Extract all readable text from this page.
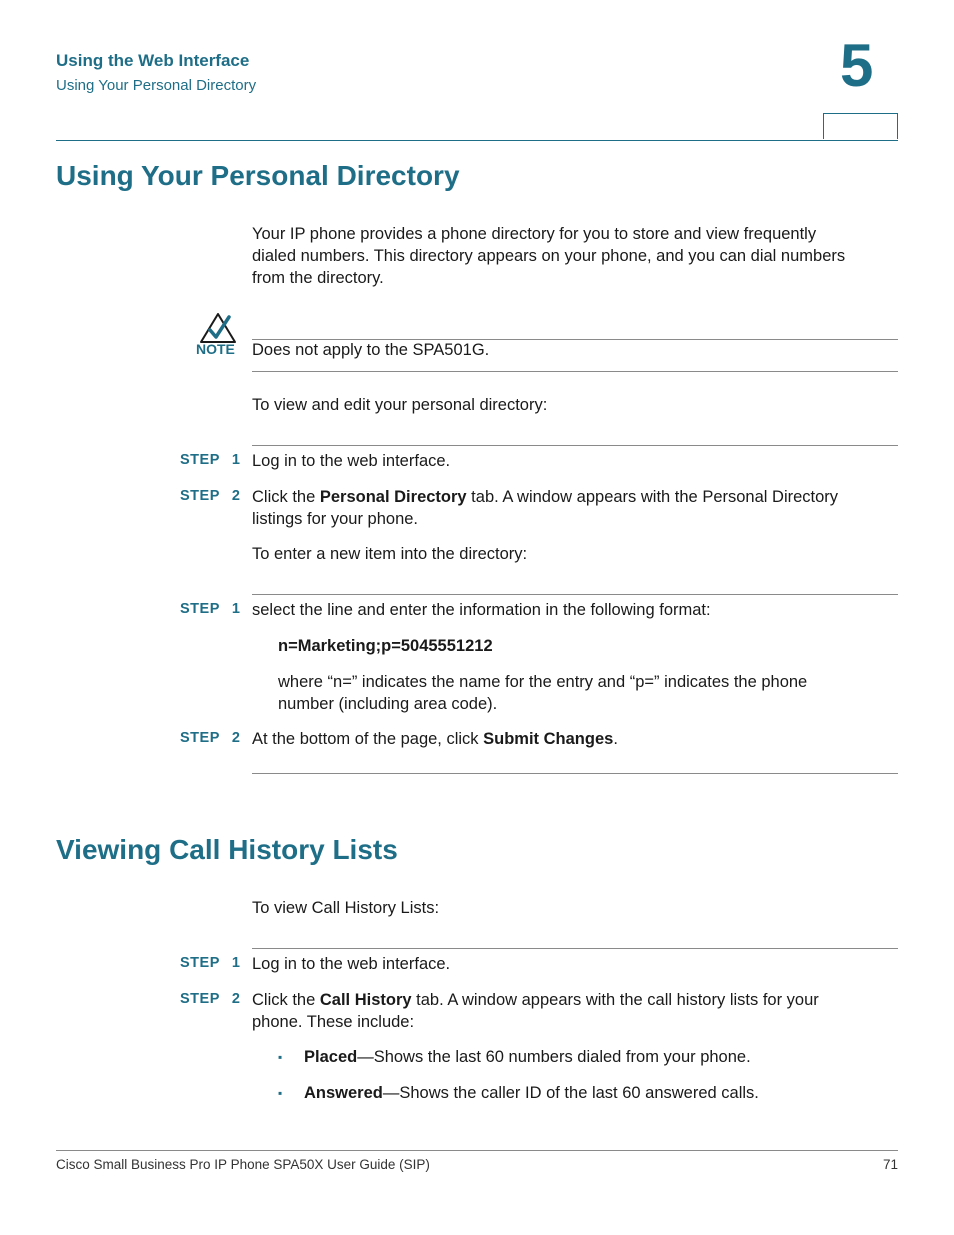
Using the Web Interface
Using Your Personal Directory	5
Using Your Personal Directory
Your IP phone provides a phone directory for you to store and view frequently
dialed numbers. This directory appears on your phone, and you can dial numbers
from the directory.
NOTE Does not apply to the SPA501G.
To view and edit your personal directory:
STEP 1 Log in to the web interface.
STEP 2 Click the Personal Directory tab. A window appears with the Personal Directory
listings for your phone.
To enter a new item into the directory:
STEP 1 select the line and enter the information in the following format:
n=Marketing;p=5045551212
where “n=” indicates the name for the entry and “p=” indicates the phone
number (including area code).
STEP 2 At the bottom of the page, click Submit Changes.
Viewing Call History Lists
To view Call History Lists:
STEP 1 Log in to the web interface.
STEP 2 Click the Call History tab. A window appears with the call history lists for your
phone. These include:
▪ Placed—Shows the last 60 numbers dialed from your phone.
▪ Answered—Shows the caller ID of the last 60 answered calls.
Cisco Small Business Pro IP Phone SPA50X User Guide (SIP)	71
